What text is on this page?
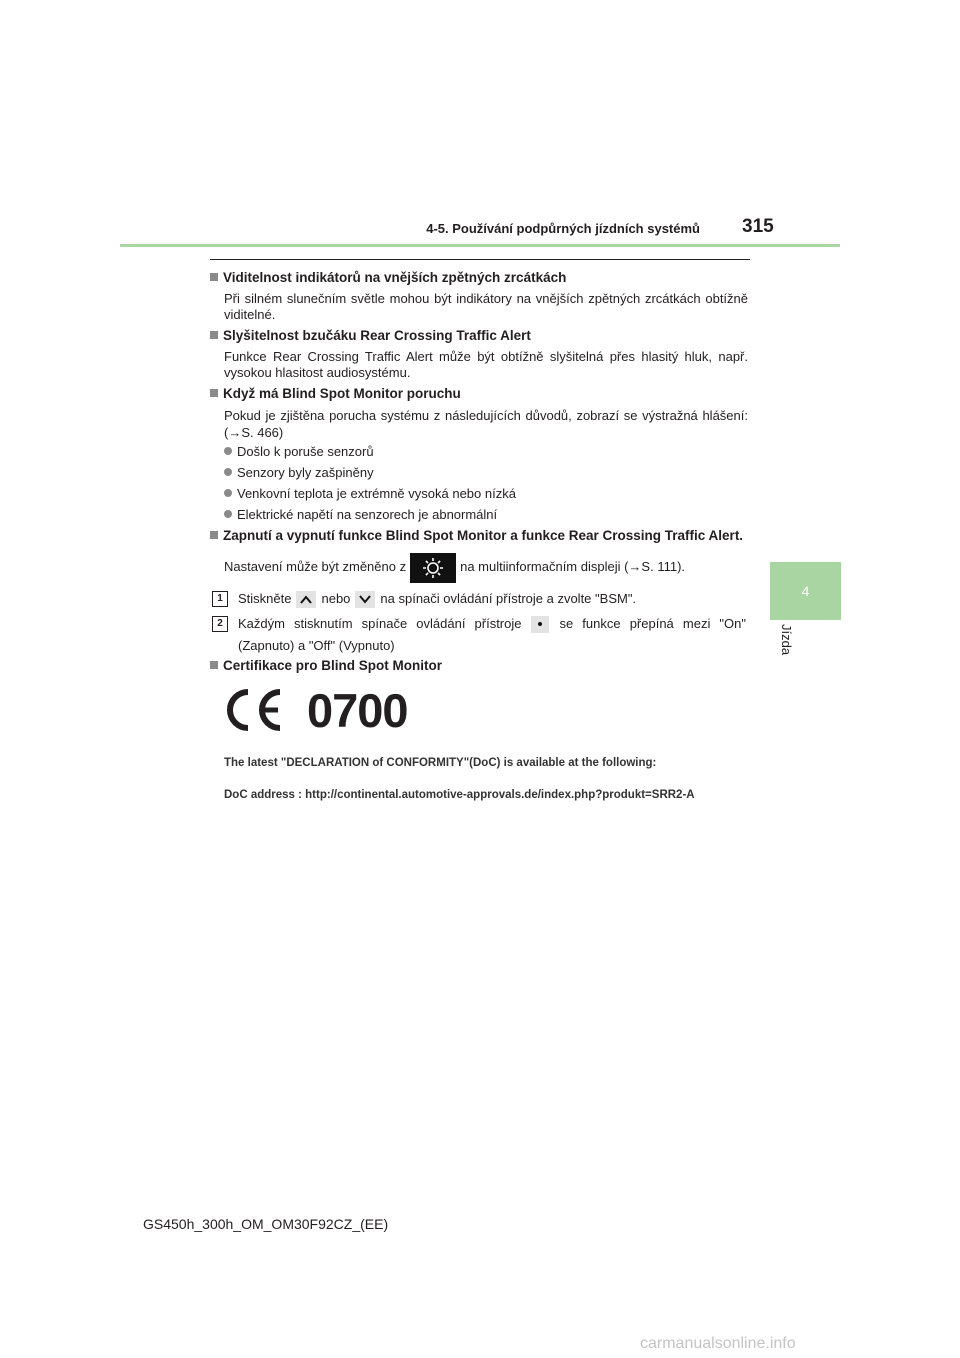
4-5. Používání podpůrných jízdních systémů 315
4
Jízda
Viditelnost indikátorů na vnějších zpětných zrcátkách
Při silném slunečním světle mohou být indikátory na vnějších zpětných zrcátkách obtížně viditelné.
Slyšitelnost bzučáku Rear Crossing Traffic Alert
Funkce Rear Crossing Traffic Alert může být obtížně slyšitelná přes hlasitý hluk, např. vysokou hlasitost audiosystému.
Když má Blind Spot Monitor poruchu
Pokud je zjištěna porucha systému z následujících důvodů, zobrazí se výstražná hlášení: (→S. 466)
Došlo k poruše senzorů
Senzory byly zašpiněny
Venkovní teplota je extrémně vysoká nebo nízká
Elektrické napětí na senzorech je abnormální
Zapnutí a vypnutí funkce Blind Spot Monitor a funkce Rear Crossing Traffic Alert.
Nastavení může být změněno z	na multiinformačním displeji (→S. 111).
1	Stiskněte nebo na spínači ovládání přístroje a zvolte "BSM".
2	Každým stisknutím spínače ovládání přístroje	se funkce přepíná mezi "On" (Zapnuto) a "Off" (Vypnuto)
Certifikace pro Blind Spot Monitor
0700
The latest "DECLARATION of CONFORMITY"(DoC) is available at the following:
DoC address : http://continental.automotive-approvals.de/index.php?produkt=SRR2-A
GS450h_300h_OM_OM30F92CZ_(EE)
carmanualsonline.info
